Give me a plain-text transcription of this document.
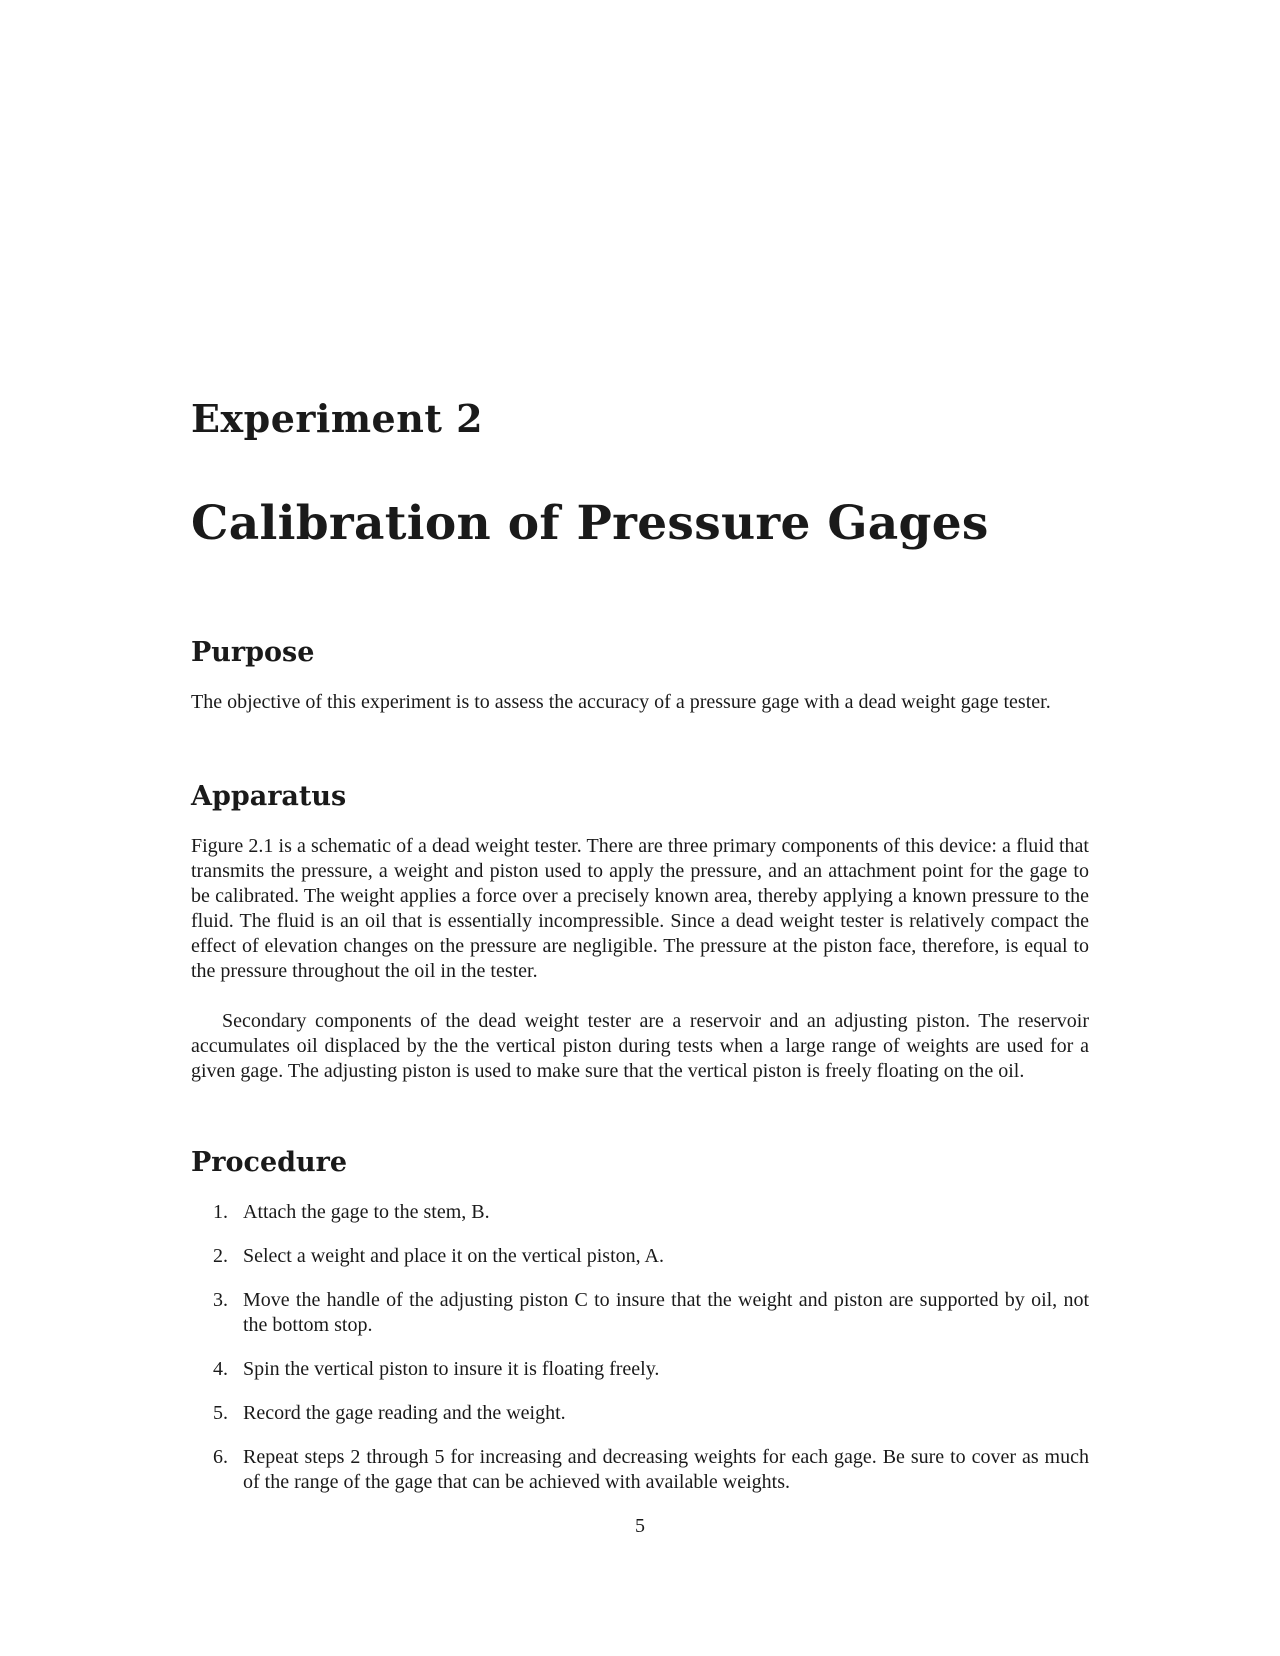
Experiment 2
Calibration of Pressure Gages
Purpose

The objective of this experiment is to assess the accuracy of a pressure gage with a dead weight gage tester.

Apparatus

Figure 2.1 is a schematic of a dead weight tester. There are three primary components of this device: a fluid that transmits the pressure, a weight and piston used to apply the pressure, and an attachment point for the gage to be calibrated. The weight applies a force over a precisely known area, thereby applying a known pressure to the fluid. The fluid is an oil that is essentially incompressible. Since a dead weight tester is relatively compact the effect of elevation changes on the pressure are negligible. The pressure at the piston face, therefore, is equal to the pressure throughout the oil in the tester.

Secondary components of the dead weight tester are a reservoir and an adjusting piston. The reservoir accumulates oil displaced by the the vertical piston during tests when a large range of weights are used for a given gage. The adjusting piston is used to make sure that the vertical piston is freely floating on the oil.

Procedure
1. Attach the gage to the stem, B.
2. Select a weight and place it on the vertical piston, A.
3. Move the handle of the adjusting piston C to insure that the weight and piston are supported by oil, not the bottom stop.
4. Spin the vertical piston to insure it is floating freely.
5. Record the gage reading and the weight.
6. Repeat steps 2 through 5 for increasing and decreasing weights for each gage. Be sure to cover as much of the range of the gage that can be achieved with available weights.

5
